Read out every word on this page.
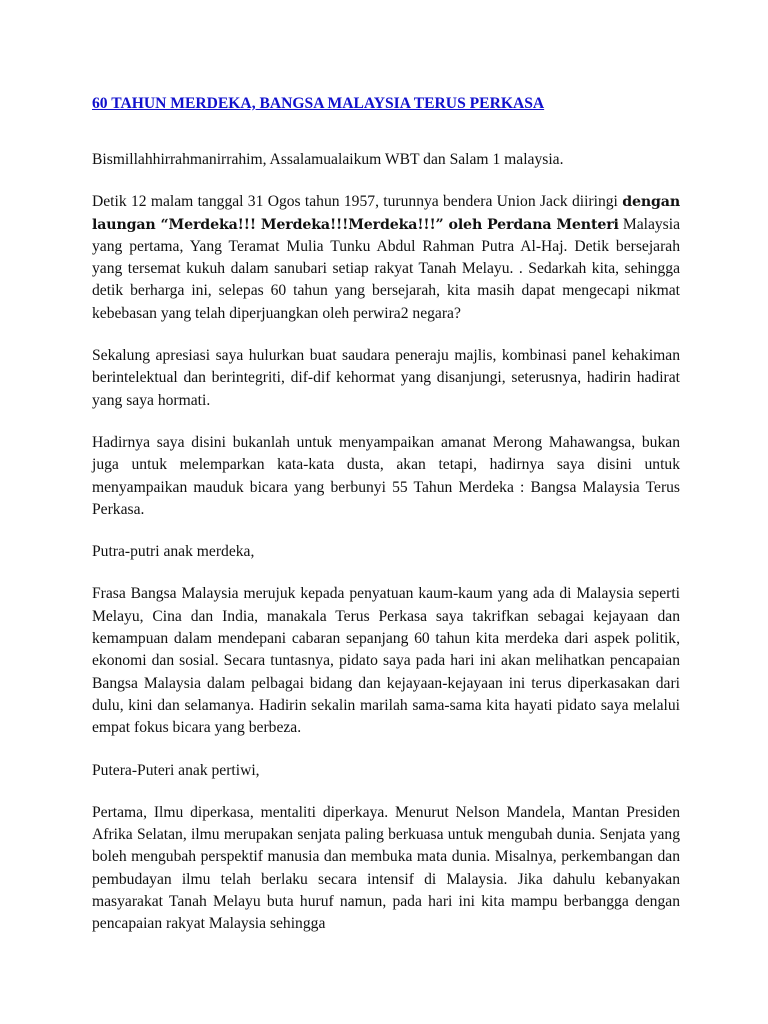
60 TAHUN MERDEKA, BANGSA MALAYSIA TERUS PERKASA

Bismillahhirrahmanirrahim, Assalamualaikum WBT dan Salam 1 malaysia.

Detik 12 malam tanggal 31 Ogos tahun 1957, turunnya bendera Union Jack diiringi dengan laungan “Merdeka!!! Merdeka!!!Merdeka!!!” oleh Perdana Menteri Malaysia yang pertama, Yang Teramat Mulia Tunku Abdul Rahman Putra Al-Haj. Detik bersejarah yang tersemat kukuh dalam sanubari setiap rakyat Tanah Melayu. . Sedarkah kita, sehingga detik berharga ini, selepas 60 tahun yang bersejarah, kita masih dapat mengecapi nikmat kebebasan yang telah diperjuangkan oleh perwira2 negara?

Sekalung apresiasi saya hulurkan buat saudara peneraju majlis, kombinasi panel kehakiman berintelektual dan berintegriti, dif-dif kehormat yang disanjungi, seterusnya, hadirin hadirat yang saya hormati.

Hadirnya saya disini bukanlah untuk menyampaikan amanat Merong Mahawangsa, bukan juga untuk melemparkan kata-kata dusta, akan tetapi, hadirnya saya disini untuk menyampaikan mauduk bicara yang berbunyi 55 Tahun Merdeka : Bangsa Malaysia Terus Perkasa.

Putra-putri anak merdeka,

Frasa Bangsa Malaysia merujuk kepada penyatuan kaum-kaum yang ada di Malaysia seperti Melayu, Cina dan India, manakala Terus Perkasa saya takrifkan sebagai kejayaan dan kemampuan dalam mendepani cabaran sepanjang 60 tahun kita merdeka dari aspek politik, ekonomi dan sosial. Secara tuntasnya, pidato saya pada hari ini akan melihatkan pencapaian Bangsa Malaysia dalam pelbagai bidang dan kejayaan-kejayaan ini terus diperkasakan dari dulu, kini dan selamanya. Hadirin sekalin marilah sama-sama kita hayati pidato saya melalui empat fokus bicara yang berbeza.

Putera-Puteri anak pertiwi,

Pertama, Ilmu diperkasa, mentaliti diperkaya. Menurut Nelson Mandela, Mantan Presiden Afrika Selatan, ilmu merupakan senjata paling berkuasa untuk mengubah dunia. Senjata yang boleh mengubah perspektif manusia dan membuka mata dunia. Misalnya, perkembangan dan pembudayan ilmu telah berlaku secara intensif di Malaysia. Jika dahulu kebanyakan masyarakat Tanah Melayu buta huruf namun, pada hari ini kita mampu berbangga dengan pencapaian rakyat Malaysia sehingga
